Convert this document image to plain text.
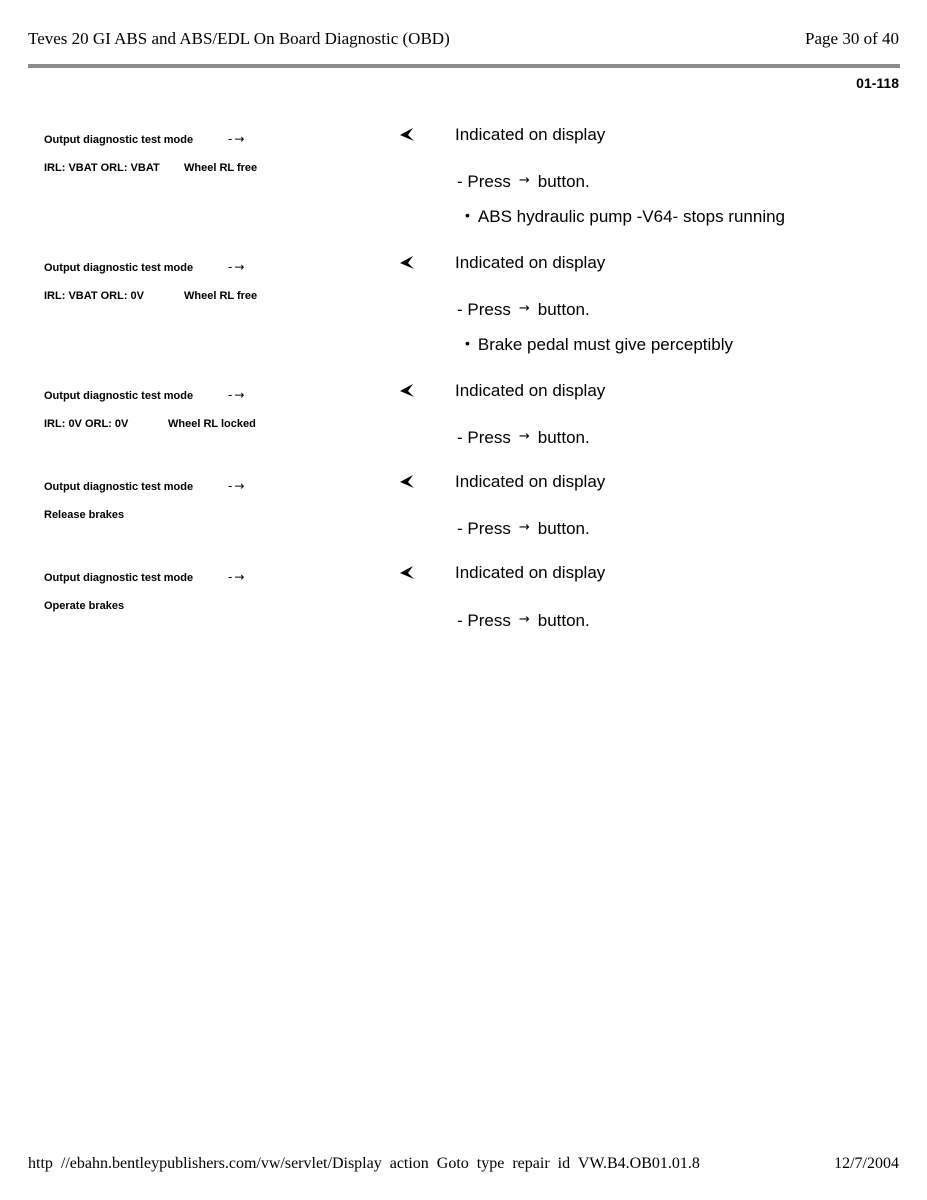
Teves 20 GI ABS and ABS/EDL On Board Diagnostic (OBD)	Page 30 of 40
01-118
Output diagnostic test mode	-→
IRL: VBAT ORL: VBAT Wheel RL free
Indicated on display
- Press → button.
• ABS hydraulic pump -V64- stops running
Output diagnostic test mode	-→
IRL: VBAT ORL: 0V	Wheel RL free
Indicated on display
- Press → button.
• Brake pedal must give perceptibly
Output diagnostic test mode	-→
IRL: 0V ORL: 0V	Wheel RL locked
Indicated on display
- Press → button.
Output diagnostic test mode	-→
Release brakes
Indicated on display
- Press → button.
Output diagnostic test mode	-→
Operate brakes
Indicated on display
- Press → button.
http //ebahn.bentleypublishers.com/vw/servlet/Display action Goto type repair id VW.B4.OB01.01.8	12/7/2004
